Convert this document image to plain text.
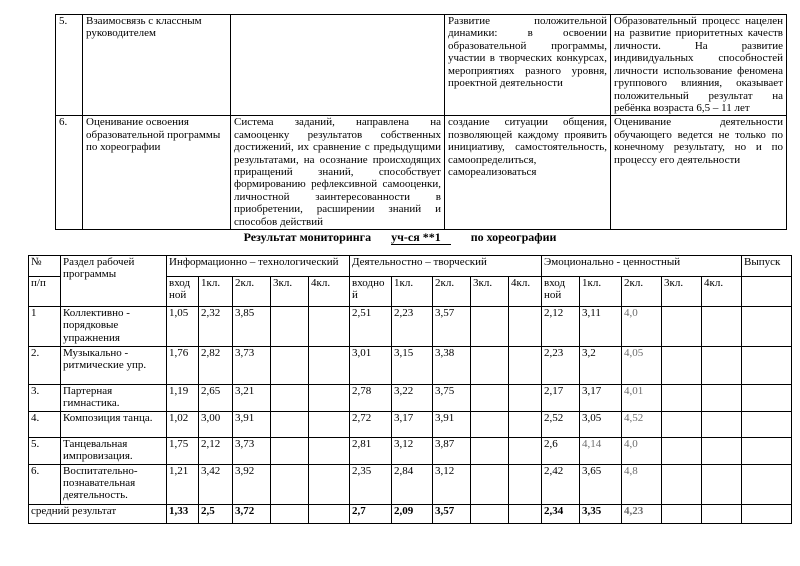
5.	Взаимосвязь с классным руководителем		Развитие положительной динамики: в освоении образовательной программы, участии в творческих конкурсах, мероприятиях разного уровня, проектной деятельности	Образовательный процесс нацелен на развитие приоритетных качеств личности. На развитие индивидуальных способностей личности использование феномена группового влияния, оказывает положительный результат на ребёнка возраста 6,5 – 11 лет
6.	Оценивание освоения образовательной программы по хореографии	Система заданий, направлена на самооценку результатов собственных достижений, их сравнение с предыдущими результатами, на осознание происходящих приращений знаний, способствует формированию рефлексивной самооценки, личностной заинтересованности в приобретении, расширении знаний и способов действий	создание ситуации общения, позволяющей каждому проявить инициативу, самостоятельность, самоопределиться, самореализоваться	Оценивание деятельности обучающего ведется не только по конечному результату, но и по процессу его деятельности
Результат мониторинга уч-ся **1	по хореографии
№	Раздел рабочей программы	Информационно – технологический					Деятельностно – творческий					Эмоционально - ценностный					Выпуск
п/п		вход ной	1кл.	2кл.	3кл.	4кл.	входно й	1кл.	2кл.	3кл.	4кл.	вход ной	1кл.	2кл.	3кл.	4кл.	
1	Коллективно - порядковые упражнения	1,05	2,32	3,85			2,51	2,23	3,57			2,12	3,11	4,0			
2.	Музыкально - ритмические упр.	1,76	2,82	3,73			3,01	3,15	3,38			2,23	3,2	4,05			
3.	Партерная гимнастика.	1,19	2,65	3,21			2,78	3,22	3,75			2,17	3,17	4,01			
4.	Композиция танца.	1,02	3,00	3,91			2,72	3,17	3,91			2,52	3,05	4,52			
5.	Танцевальная импровизация.	1,75	2,12	3,73			2,81	3,12	3,87			2,6	4,14	4,0			
6.	Воспитательно-познавательная деятельность.	1,21	3,42	3,92			2,35	2,84	3,12			2,42	3,65	4,8			
средний результат		1,33	2,5	3,72			2,7	2,09	3,57			2,34	3,35	4,23			
